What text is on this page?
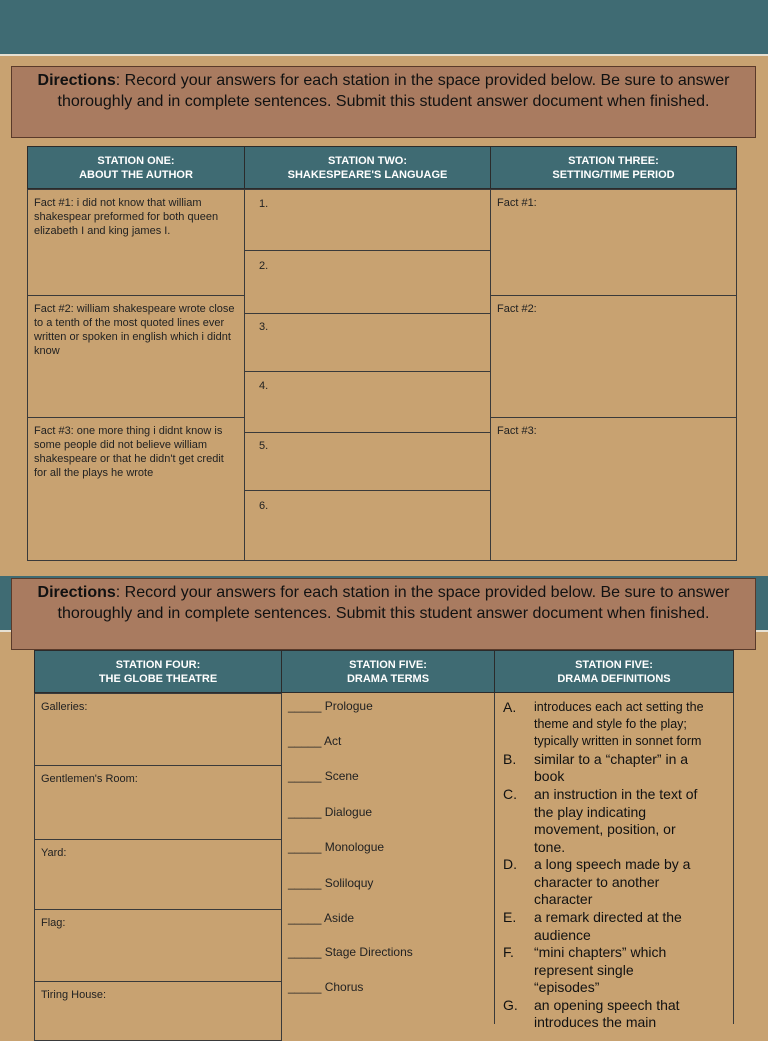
Directions: Record your answers for each station in the space provided below. Be sure to answer thoroughly and in complete sentences. Submit this student answer document when finished.
STATION ONE:
ABOUT THE AUTHOR
STATION TWO:
SHAKESPEARE'S LANGUAGE
STATION THREE:
SETTING/TIME PERIOD
Fact #1: i did not know that william shakespear preformed for both queen elizabeth I and king james I.
Fact #2: william shakespeare wrote close to a tenth of the most quoted lines ever written or spoken in english which i didnt know
Fact #3: one more thing i didnt know is some people did not believe william shakespeare or that he didn't get credit for all the plays he wrote
1.
2.
3.
4.
5.
6.
Fact #1:
Fact #2:
Fact #3:
Directions: Record your answers for each station in the space provided below. Be sure to answer thoroughly and in complete sentences. Submit this student answer document when finished.
STATION FOUR:
THE GLOBE THEATRE
STATION FIVE:
DRAMA TERMS
STATION FIVE:
DRAMA DEFINITIONS
Galleries:
Gentlemen's Room:
Yard:
Flag:
Tiring House:
_____ Prologue
_____ Act
_____ Scene
_____ Dialogue
_____ Monologue
_____ Soliloquy
_____ Aside
_____ Stage Directions
_____ Chorus
A. introduces each act setting the
theme and style fo the play;
typically written in sonnet form
B. similar to a “chapter” in a
book
C. an instruction in the text of
the play indicating
movement, position, or
tone.
D. a long speech made by a
character to another
character
E. a remark directed at the
audience
F. “mini chapters” which
represent single
“episodes”
G. an opening speech that
introduces the main
